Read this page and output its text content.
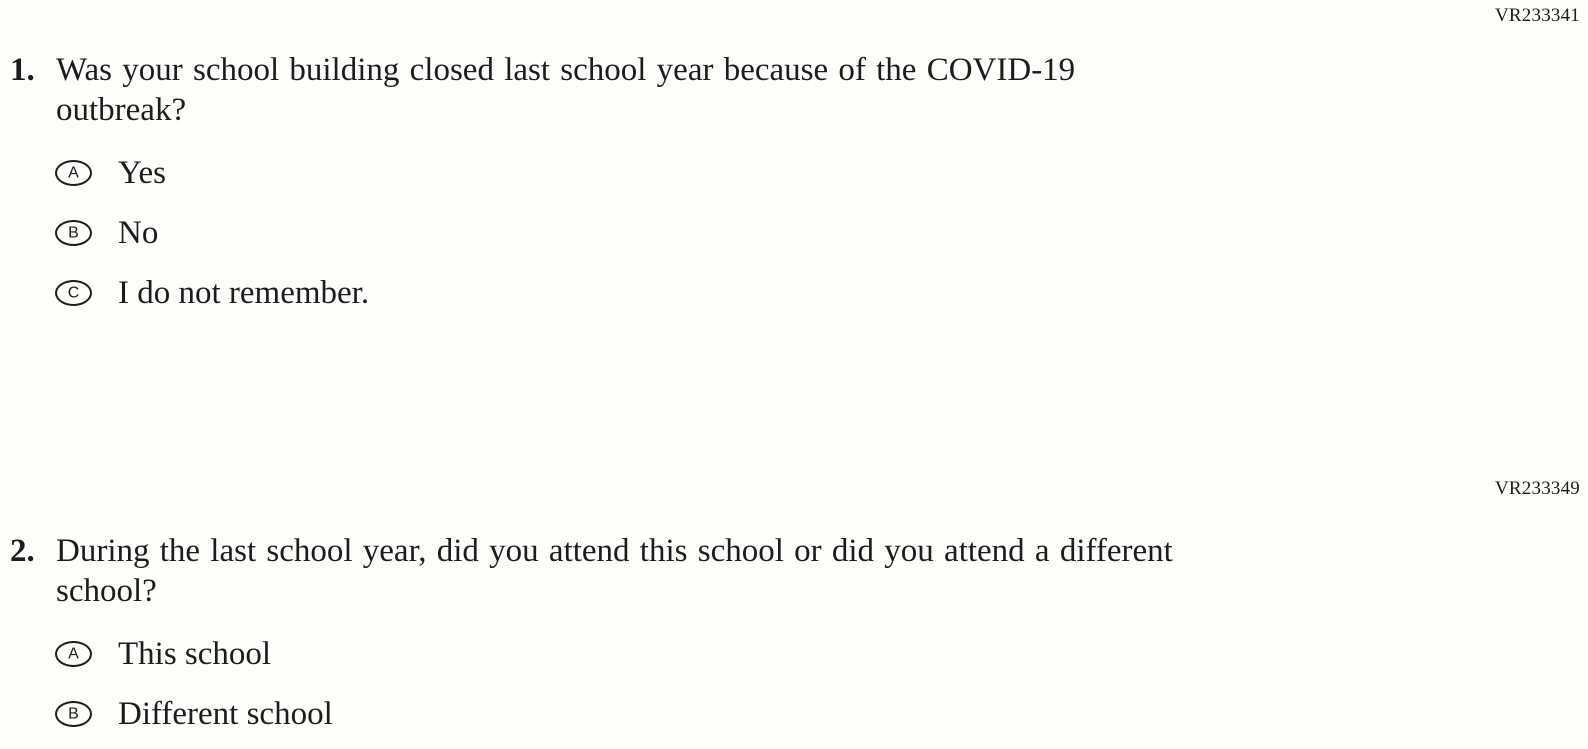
VR233341
1. Was your school building closed last school year because of the COVID-19 outbreak?
A Yes
B No
C I do not remember.
VR233349
2. During the last school year, did you attend this school or did you attend a different school?
A This school
B Different school
